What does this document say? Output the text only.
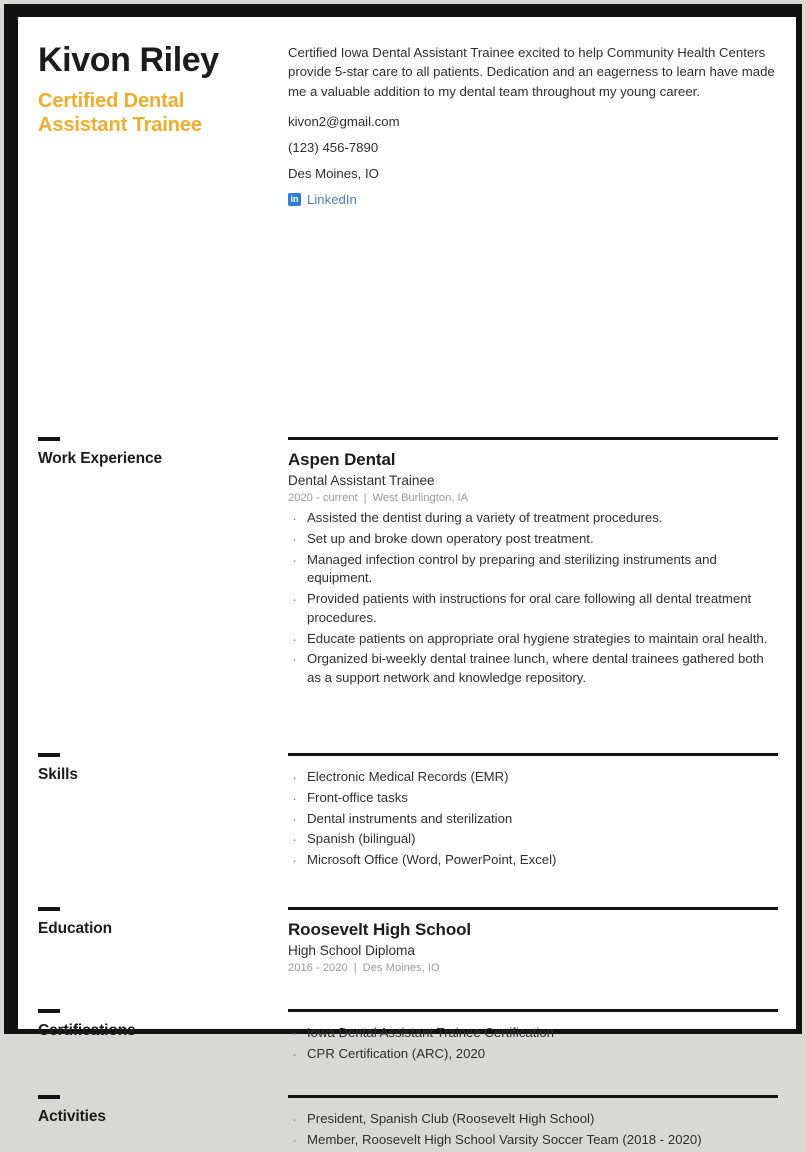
Kivon Riley
Certified Dental Assistant Trainee

Certified Iowa Dental Assistant Trainee excited to help Community Health Centers provide 5-star care to all patients. Dedication and an eagerness to learn have made me a valuable addition to my dental team throughout my young career.

kivon2@gmail.com
(123) 456-7890
Des Moines, IO
in LinkedIn
Work Experience	Aspen Dental
Dental Assistant Trainee
2020 - current | West Burlington, IA
· Assisted the dentist during a variety of treatment procedures.
· Set up and broke down operatory post treatment.
· Managed infection control by preparing and sterilizing instruments and equipment.
· Provided patients with instructions for oral care following all dental treatment procedures.
· Educate patients on appropriate oral hygiene strategies to maintain oral health.
· Organized bi-weekly dental trainee lunch, where dental trainees gathered both as a support network and knowledge repository.
Skills	· Electronic Medical Records (EMR)
· Front-office tasks
· Dental instruments and sterilization
· Spanish (bilingual)
· Microsoft Office (Word, PowerPoint, Excel)
Education	Roosevelt High School
High School Diploma
2016 - 2020 | Des Moines, IO
Certifications	· Iowa Dental Assistant Trainee Certification
· CPR Certification (ARC), 2020
Activities	· President, Spanish Club (Roosevelt High School)
· Member, Roosevelt High School Varsity Soccer Team (2018 - 2020)
